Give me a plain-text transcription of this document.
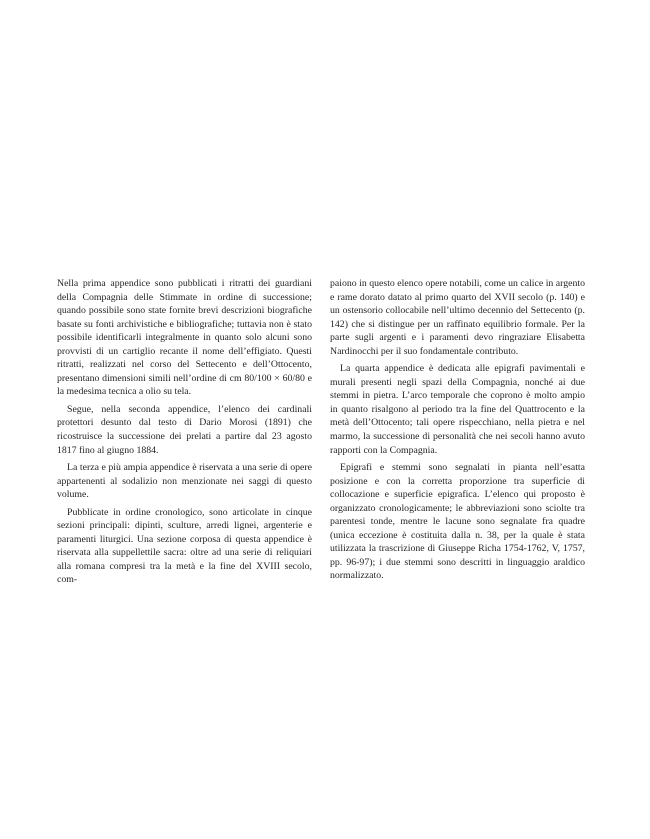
Nella prima appendice sono pubblicati i ritratti dei guardiani della Compagnia delle Stimmate in ordine di successione; quando possibile sono state fornite brevi descrizioni biografiche basate su fonti archivistiche e bibliografiche; tuttavia non è stato possibile identificarli integralmente in quanto solo alcuni sono provvisti di un cartiglio recante il nome dell’effigiato. Questi ritratti, realizzati nel corso del Settecento e dell’Ottocento, presentano dimensioni simili nell’ordine di cm 80/100 × 60/80 e la medesima tecnica a olio su tela.

Segue, nella seconda appendice, l’elenco dei cardinali protettori desunto dal testo di Dario Morosi (1891) che ricostruisce la successione dei prelati a partire dal 23 agosto 1817 fino al giugno 1884.

La terza e più ampia appendice è riservata a una serie di opere appartenenti al sodalizio non menzionate nei saggi di questo volume.

Pubblicate in ordine cronologico, sono articolate in cinque sezioni principali: dipinti, sculture, arredi lignei, argenterie e paramenti liturgici. Una sezione corposa di questa appendice è riservata alla suppellettile sacra: oltre ad una serie di reliquiari alla romana compresi tra la metà e la fine del XVIII secolo, com-

paiono in questo elenco opere notabili, come un calice in argento e rame dorato datato al primo quarto del XVII secolo (p. 140) e un ostensorio collocabile nell’ultimo decennio del Settecento (p. 142) che si distingue per un raffinato equilibrio formale. Per la parte sugli argenti e i paramenti devo ringraziare Elisabetta Nardinocchi per il suo fondamentale contributo.

La quarta appendice è dedicata alle epigrafi pavimentali e murali presenti negli spazi della Compagnia, nonché ai due stemmi in pietra. L’arco temporale che coprono è molto ampio in quanto risalgono al periodo tra la fine del Quattrocento e la metà dell’Ottocento; tali opere rispecchiano, nella pietra e nel marmo, la successione di personalità che nei secoli hanno avuto rapporti con la Compagnia.

Epigrafi e stemmi sono segnalati in pianta nell’esatta posizione e con la corretta proporzione tra superficie di collocazione e superficie epigrafica. L’elenco qui proposto è organizzato cronologicamente; le abbreviazioni sono sciolte tra parentesi tonde, mentre le lacune sono segnalate fra quadre (unica eccezione è costituita dalla n. 38, per la quale è stata utilizzata la trascrizione di Giuseppe Richa 1754-1762, V, 1757, pp. 96-97); i due stemmi sono descritti in linguaggio araldico normalizzato.
